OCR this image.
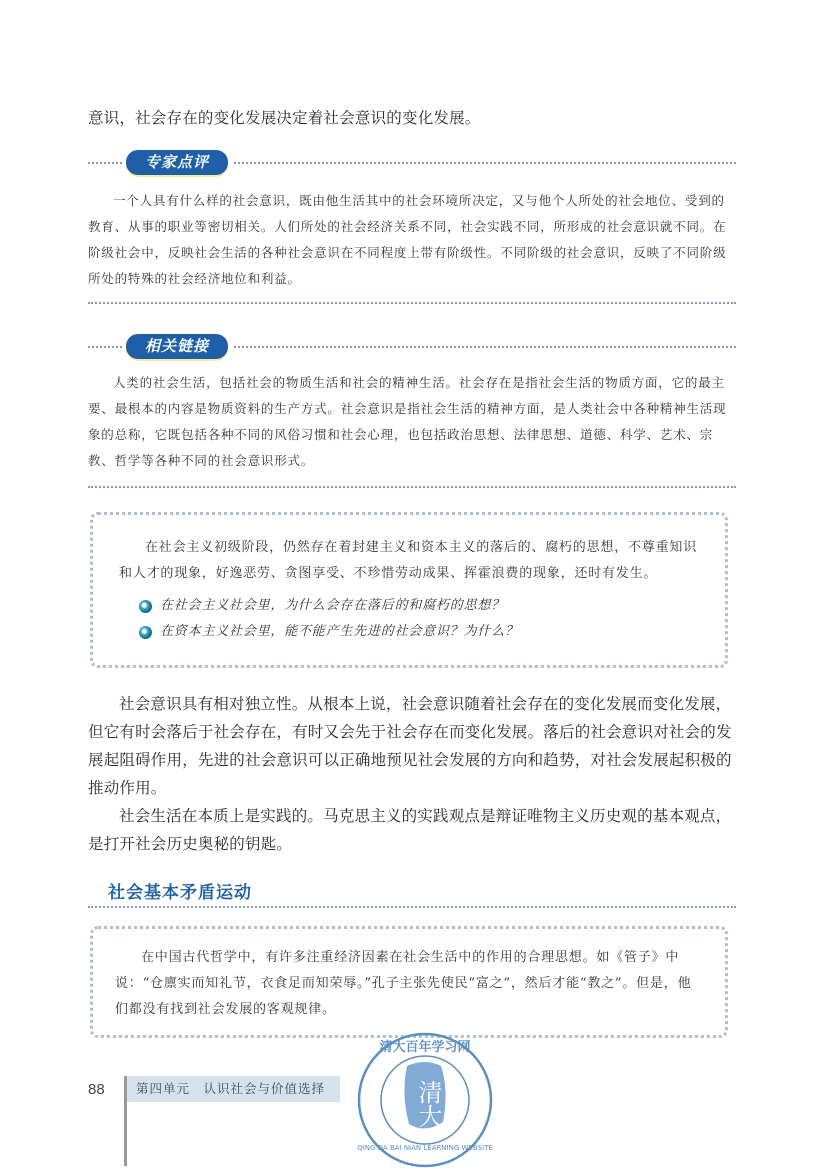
意识，社会存在的变化发展决定着社会意识的变化发展。

专家点评

一个人具有什么样的社会意识，既由他生活其中的社会环境所决定，又与他个人所处的社会地位、受到的教育、从事的职业等密切相关。人们所处的社会经济关系不同，社会实践不同，所形成的社会意识就不同。在阶级社会中，反映社会生活的各种社会意识在不同程度上带有阶级性。不同阶级的社会意识，反映了不同阶级所处的特殊的社会经济地位和利益。

相关链接

人类的社会生活，包括社会的物质生活和社会的精神生活。社会存在是指社会生活的物质方面，它的最主要、最根本的内容是物质资料的生产方式。社会意识是指社会生活的精神方面，是人类社会中各种精神生活现象的总称，它既包括各种不同的风俗习惯和社会心理，也包括政治思想、法律思想、道德、科学、艺术、宗教、哲学等各种不同的社会意识形式。

在社会主义初级阶段，仍然存在着封建主义和资本主义的落后的、腐朽的思想，不尊重知识和人才的现象，好逸恶劳、贪图享受、不珍惜劳动成果、挥霍浪费的现象，还时有发生。

在社会主义社会里，为什么会存在落后的和腐朽的思想？
在资本主义社会里，能不能产生先进的社会意识？为什么？

社会意识具有相对独立性。从根本上说，社会意识随着社会存在的变化发展而变化发展，但它有时会落后于社会存在，有时又会先于社会存在而变化发展。落后的社会意识对社会的发展起阻碍作用，先进的社会意识可以正确地预见社会发展的方向和趋势，对社会发展起积极的推动作用。

社会生活在本质上是实践的。马克思主义的实践观点是辩证唯物主义历史观的基本观点，是打开社会历史奥秘的钥匙。

社会基本矛盾运动

在中国古代哲学中，有许多注重经济因素在社会生活中的作用的合理思想。如《管子》中说：“仓廪实而知礼节，衣食足而知荣辱。”孔子主张先使民“富之”，然后才能“教之”。但是，他们都没有找到社会发展的客观规律。

88	第四单元　认识社会与价值选择
清大百年学习网
清大
QING DA BAI NIAN LEARNING WEBSITE
